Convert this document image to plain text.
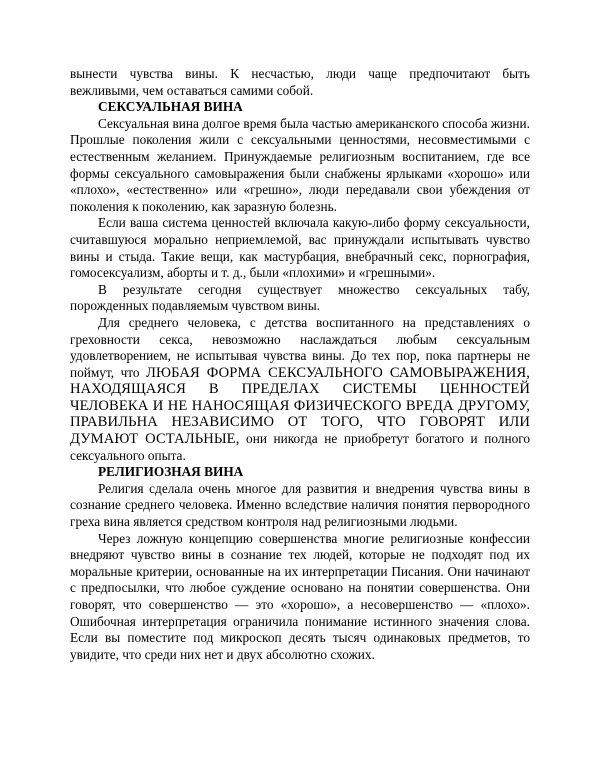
вынести чувства вины. К несчастью, люди чаще предпочитают быть вежливыми, чем оставаться самими собой.

СЕКСУАЛЬНАЯ ВИНА

Сексуальная вина долгое время была частью американского способа жизни. Прошлые поколения жили с сексуальными ценностями, несовместимыми с естественным желанием. Принуждаемые религиозным воспитанием, где все формы сексуального самовыражения были снабжены ярлыками «хорошо» или «плохо», «естественно» или «грешно», люди передавали свои убеждения от поколения к поколению, как заразную болезнь.

Если ваша система ценностей включала какую-либо форму сексуальности, считавшуюся морально неприемлемой, вас принуждали испытывать чувство вины и стыда. Такие вещи, как мастурбация, внебрачный секс, порнография, гомосексуализм, аборты и т. д., были «плохими» и «грешными».

В результате сегодня существует множество сексуальных табу, порожденных подавляемым чувством вины.

Для среднего человека, с детства воспитанного на представлениях о греховности секса, невозможно наслаждаться любым сексуальным удовлетворением, не испытывая чувства вины. До тех пор, пока партнеры не поймут, что ЛЮБАЯ ФОРМА СЕКСУАЛЬНОГО САМОВЫРАЖЕНИЯ, НАХОДЯЩАЯСЯ В ПРЕДЕЛАХ СИСТЕМЫ ЦЕННОСТЕЙ ЧЕЛОВЕКА И НЕ НАНОСЯЩАЯ ФИЗИЧЕСКОГО ВРЕДА ДРУГОМУ, ПРАВИЛЬНА НЕЗАВИСИМО ОТ ТОГО, ЧТО ГОВОРЯТ ИЛИ ДУМАЮТ ОСТАЛЬНЫЕ, они никогда не приобретут богатого и полного сексуального опыта.

РЕЛИГИОЗНАЯ ВИНА

Религия сделала очень многое для развития и внедрения чувства вины в сознание среднего человека. Именно вследствие наличия понятия первородного греха вина является средством контроля над религиозными людьми.

Через ложную концепцию совершенства многие религиозные конфессии внедряют чувство вины в сознание тех людей, которые не подходят под их моральные критерии, основанные на их интерпретации Писания. Они начинают с предпосылки, что любое суждение основано на понятии совершенства. Они говорят, что совершенство — это «хорошо», а несовершенство — «плохо». Ошибочная интерпретация ограничила понимание истинного значения слова. Если вы поместите под микроскоп десять тысяч одинаковых предметов, то увидите, что среди них нет и двух абсолютно схожих.
